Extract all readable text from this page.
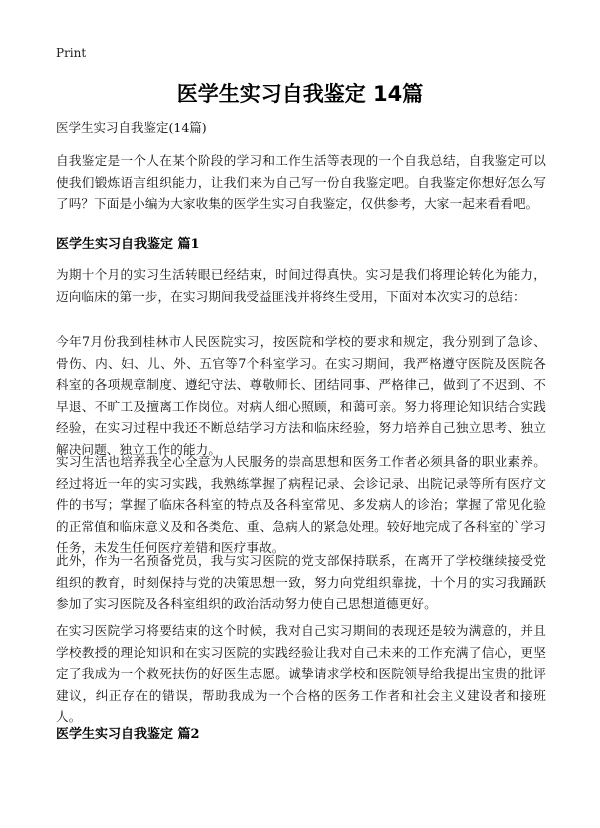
Print
医学生实习自我鉴定 14篇

医学生实习自我鉴定(14篇)

自我鉴定是一个人在某个阶段的学习和工作生活等表现的一个自我总结，自我鉴定可以使我们锻炼语言组织能力，让我们来为自己写一份自我鉴定吧。自我鉴定你想好怎么写了吗？下面是小编为大家收集的医学生实习自我鉴定，仅供参考，大家一起来看看吧。

医学生实习自我鉴定 篇1

为期十个月的实习生活转眼已经结束，时间过得真快。实习是我们将理论转化为能力，迈向临床的第一步，在实习期间我受益匪浅并将终生受用，下面对本次实习的总结：

今年7月份我到桂林市人民医院实习，按医院和学校的要求和规定，我分别到了急诊、骨伤、内、妇、儿、外、五官等7个科室学习。在实习期间，我严格遵守医院及医院各科室的各项规章制度、遵纪守法、尊敬师长、团结同事、严格律己，做到了不迟到、不早退、不旷工及擅离工作岗位。对病人细心照顾，和蔼可亲。努力将理论知识结合实践经验，在实习过程中我还不断总结学习方法和临床经验，努力培养自己独立思考、独立解决问题、独立工作的能力。

实习生活也培养我全心全意为人民服务的崇高思想和医务工作者必须具备的职业素养。经过将近一年的实习实践，我熟练掌握了病程记录、会诊记录、出院记录等所有医疗文件的书写；掌握了临床各科室的特点及各科室常见、多发病人的诊治；掌握了常见化验的正常值和临床意义及和各类危、重、急病人的紧急处理。较好地完成了各科室的`学习任务，未发生任何医疗差错和医疗事故。

此外，作为一名预备党员，我与实习医院的党支部保持联系，在离开了学校继续接受党组织的教育，时刻保持与党的决策思想一致，努力向党组织靠拢，十个月的实习我踊跃参加了实习医院及各科室组织的政治活动努力使自己思想道德更好。

在实习医院学习将要结束的这个时候，我对自己实习期间的表现还是较为满意的，并且学校教授的理论知识和在实习医院的实践经验让我对自己未来的工作充满了信心，更坚定了我成为一个救死扶伤的好医生志愿。诚挚请求学校和医院领导给我提出宝贵的批评建议，纠正存在的错误，帮助我成为一个合格的医务工作者和社会主义建设者和接班人。

医学生实习自我鉴定 篇2
